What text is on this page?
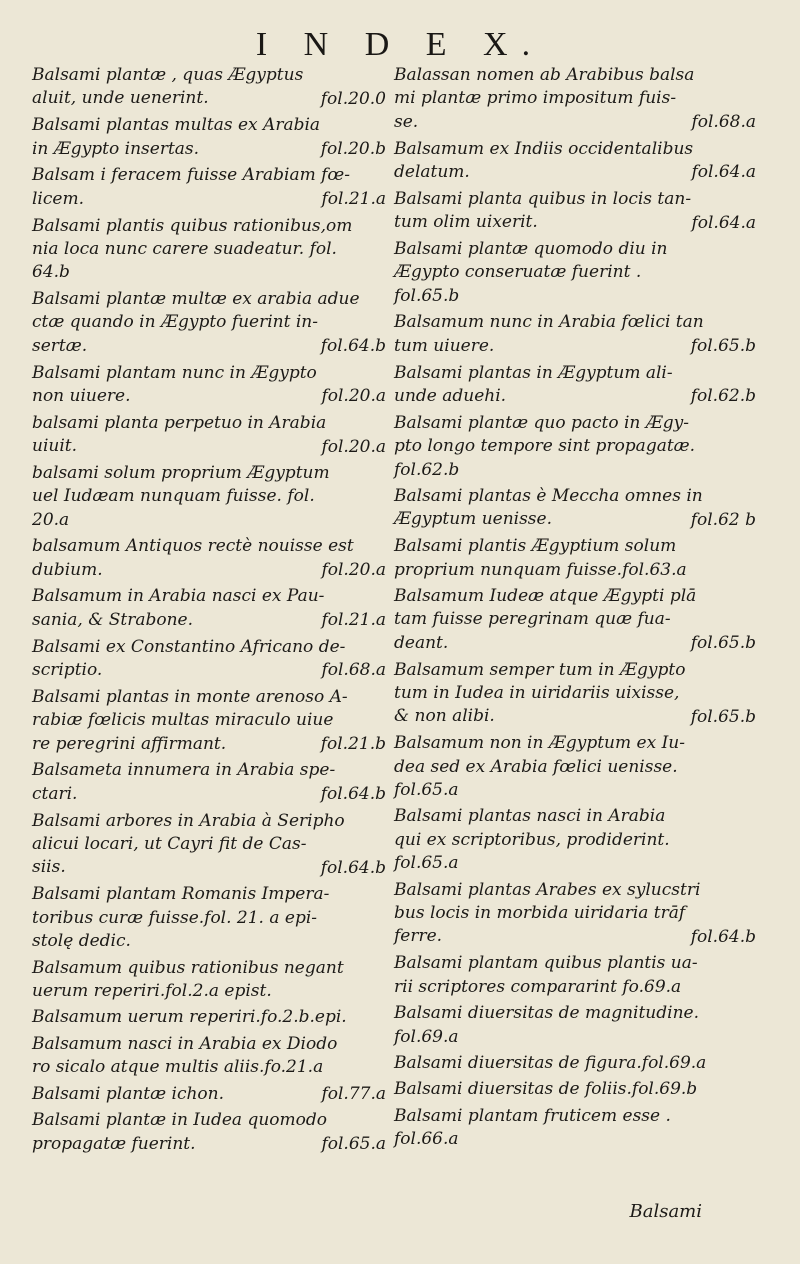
I N D E X.
Balsami plantæ , quas Ægyptus
aluit, unde uenerint.	fol.20.0
Balsami plantas multas ex Arabia
in Ægypto insertas.	fol.20.b
Balsam i feracem fuisse Arabiam fœ-
licem.	fol.21.a
Balsami plantis quibus rationibus,om
nia loca nunc carere suadeatur. fol.
64.b
Balsami plantæ multæ ex arabia adue
ctæ quando in Ægypto fuerint in-
sertæ.	fol.64.b
Balsami plantam nunc in Ægypto
non uiuere.	fol.20.a
balsami planta perpetuo in Arabia
uiuit.	fol.20.a
balsami solum proprium Ægyptum
uel Iudæam nunquam fuisse. fol.
20.a
balsamum Antiquos rectè nouisse est
dubium.	fol.20.a
Balsamum in Arabia nasci ex Pau-
sania, & Strabone.	fol.21.a
Balsami ex Constantino Africano de-
scriptio.	fol.68.a
Balsami plantas in monte arenoso A-
rabiæ fœlicis multas miraculo uiue
re peregrini affirmant.	fol.21.b
Balsameta innumera in Arabia spe-
ctari.	fol.64.b
Balsami arbores in Arabia à Seripho
alicui locari, ut Cayri fit de Cas-
siis.	fol.64.b
Balsami plantam Romanis Impera-
toribus curæ fuisse.fol. 21. a epi-
stolę dedic.
Balsamum quibus rationibus negant
uerum reperiri.fol.2.a epist.
Balsamum uerum reperiri.fo.2.b.epi.
Balsamum nasci in Arabia ex Diodo
ro sicalo atque multis aliis.fo.21.a
Balsami plantæ ichon.	fol.77.a
Balsami plantæ in Iudea quomodo
propagatæ fuerint.	fol.65.a
Balassan nomen ab Arabibus balsa
mi plantæ primo impositum fuis-
se.	fol.68.a
Balsamum ex Indiis occidentalibus
delatum.	fol.64.a
Balsami planta quibus in locis tan-
tum olim uixerit.	fol.64.a
Balsami plantæ quomodo diu in
Ægypto conseruatæ fuerint .
fol.65.b
Balsamum nunc in Arabia fœlici tan
tum uiuere.	fol.65.b
Balsami plantas in Ægyptum ali-
unde aduehi.	fol.62.b
Balsami plantæ quo pacto in Ægy-
pto longo tempore sint propagatæ.
fol.62.b
Balsami plantas è Meccha omnes in
Ægyptum uenisse.	fol.62 b
Balsami plantis Ægyptium solum
proprium nunquam fuisse.fol.63.a
Balsamum Iudeæ atque Ægypti plā
tam fuisse peregrinam quæ fua-
deant.	fol.65.b
Balsamum semper tum in Ægypto
tum in Iudea in uiridariis uixisse,
& non alibi.	fol.65.b
Balsamum non in Ægyptum ex Iu-
dea sed ex Arabia fœlici uenisse.
fol.65.a
Balsami plantas nasci in Arabia
qui ex scriptoribus, prodiderint.
fol.65.a
Balsami plantas Arabes ex sylucstri
bus locis in morbida uiridaria trāf
ferre.	fol.64.b
Balsami plantam quibus plantis ua-
rii scriptores compararint fo.69.a
Balsami diuersitas de magnitudine.
fol.69.a
Balsami diuersitas de figura.fol.69.a
Balsami diuersitas de foliis.fol.69.b
Balsami plantam fruticem esse .
fol.66.a
Balsami
